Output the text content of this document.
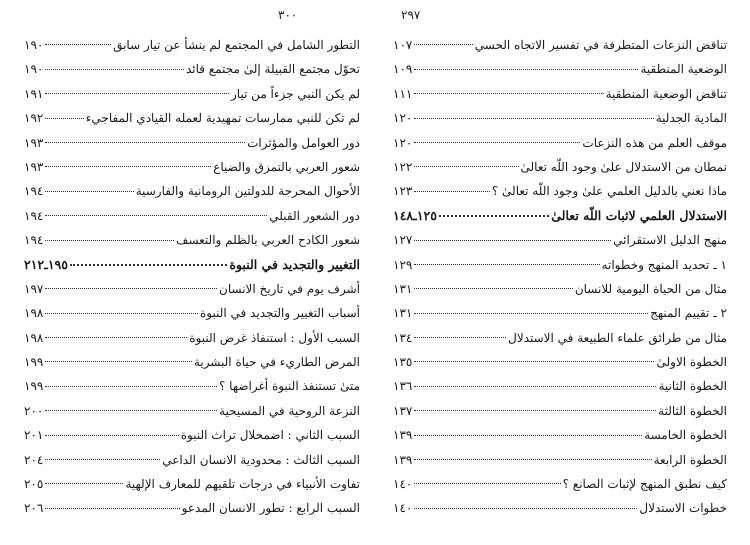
٣٠٠
التطور الشامل في المجتمع لم ينشأ عن تيار سابق
١٩٠
تحوّل مجتمع القبيلة إلىٰ مجتمع قائد
١٩٠
لم يكن النبي جزءاً من تيار
١٩١
لم تكن للنبي ممارسات تمهيدية لعمله القيادي المفاجيء
١٩٢
دور العوامل والمؤثرات
١٩٣
شعور العربي بالتمزق والضياع
١٩٣
الأحوال المحرجة للدولتين الرومانية والفارسية
١٩٤
دور الشعور القبلي
١٩٤
شعور الكادح العربي بالظلم والتعسف
١٩٤
التغيير والتجديد في النبوة
١٩٥ـ٢١٢
أشرف يوم في تاريخ الانسان
١٩٧
أسباب التغيير والتجديد في النبوة
١٩٨
السبب الأول : استنفاذ غرض النبوة
١٩٨
المرض الطاريء في حياة البشرية
١٩٩
متىٰ تستنفذ النبوة أغراضها ؟
١٩٩
النزعة الروحية في المسيحية
٢٠٠
السبب الثاني : اضمحلال تراث النبوة
٢٠١
السبب الثالث : محدودية الانسان الداعي
٢٠٤
تفاوت الأنبياء في درجات تلقيهم للمعارف الإلهية
٢٠٥
السبب الرابع : تطور الانسان المدعو
٢٠٦
٢٩٧
تناقض النزعات المتطرفة في تفسير الاتجاه الحسي
١٠٧
الوضعية المنطقية
١٠٩
تناقض الوضعية المنطقية
١١١
المادية الجدلية
١٢٠
موقف العلم من هذه النزعات
١٢٠
نمطان من الاستدلال علىٰ وجود اللّه تعالىٰ
١٢٢
ماذا نعني بالدليل العلمي علىٰ وجود اللّه تعالىٰ ؟
١٢٣
الاستدلال العلمي لاثبات اللّه تعالىٰ
١٢٥ـ١٤٨
منهج الدليل الاستقرائي
١٢٧
١ ـ تحديد المنهج وخطواته
١٢٩
مثال من الحياة اليومية للانسان
١٣١
٢ ـ تقييم المنهج
١٣١
مثال من طرائق علماء الطبيعة في الاستدلال
١٣٤
الخطوة الاولىٰ
١٣٥
الخطوة الثانية
١٣٦
الخطوة الثالثة
١٣٧
الخطوة الخامسة
١٣٩
الخطوة الرابعة
١٣٩
كيف نطبق المنهج لإثبات الصانع ؟
١٤٠
خطوات الاستدلال
١٤٠
